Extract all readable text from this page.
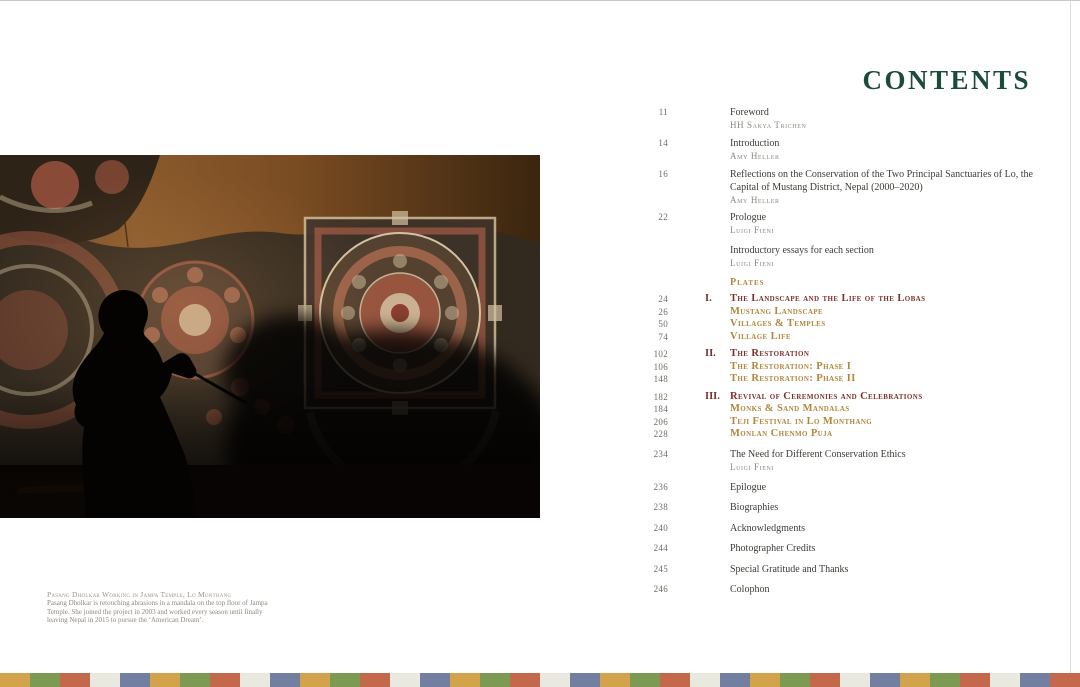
CONTENTS
Pasang Dholkar Working in Jampa Temple, Lo Monthang
Pasang Dholkar is retouching abrasions in a mandala on the top floor of Jampa Temple. She joined the project in 2003 and worked every season until finally leaving Nepal in 2015 to pursue the ‘American Dream’.
11	Foreword
HH Sakya Trichen
14	Introduction
Amy Heller
16	Reflections on the Conservation of the Two Principal Sanctuaries of Lo, the Capital of Mustang District, Nepal (2000–2020)
Amy Heller
22	Prologue
Luigi Fieni
Introductory essays for each section
Luigi Fieni
Plates
24	I.	The Landscape and the Life of the Lobas
26	Mustang Landscape
50	Villages & Temples
74	Village Life
102	II.	The Restoration
106	The Restoration: Phase I
148	The Restoration: Phase II
182	III. Revival of Ceremonies and Celebrations
184	Monks & Sand Mandalas
206	Teji Festival in Lo Monthang
228	Monlan Chenmo Puja
234	The Need for Different Conservation Ethics
Luigi Fieni
236	Epilogue
238	Biographies
240	Acknowledgments
244	Photographer Credits
245	Special Gratitude and Thanks
246	Colophon
